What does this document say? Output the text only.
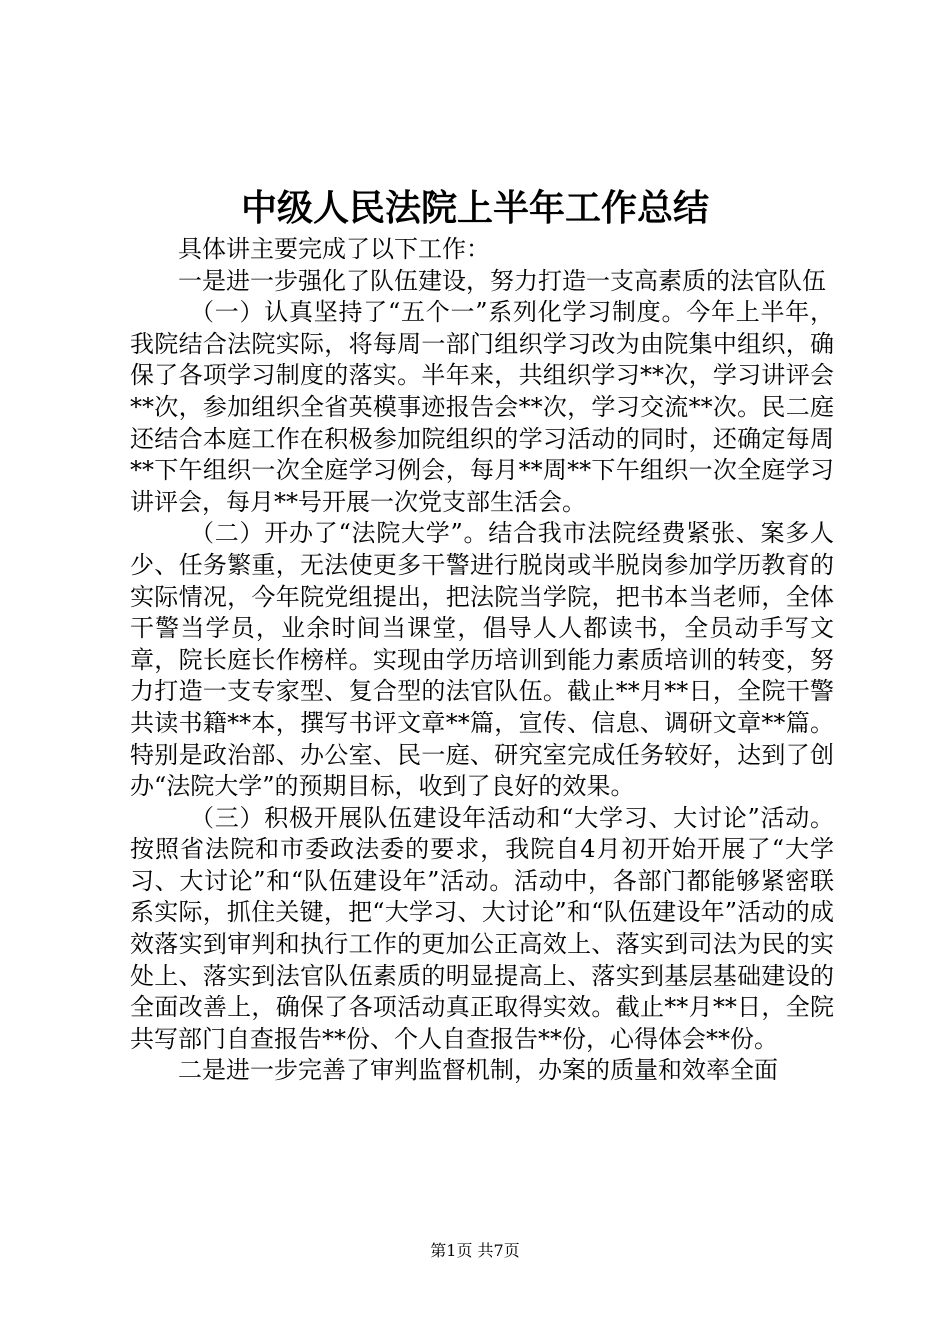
中级人民法院上半年工作总结

具体讲主要完成了以下工作：

一是进一步强化了队伍建设，努力打造一支高素质的法官队伍

（一）认真坚持了“五个一”系列化学习制度。今年上半年，我院结合法院实际，将每周一部门组织学习改为由院集中组织，确保了各项学习制度的落实。半年来，共组织学习**次，学习讲评会**次，参加组织全省英模事迹报告会**次，学习交流**次。民二庭还结合本庭工作在积极参加院组织的学习活动的同时，还确定每周**下午组织一次全庭学习例会，每月**周**下午组织一次全庭学习讲评会，每月**号开展一次党支部生活会。

（二）开办了“法院大学”。结合我市法院经费紧张、案多人少、任务繁重，无法使更多干警进行脱岗或半脱岗参加学历教育的实际情况，今年院党组提出，把法院当学院，把书本当老师，全体干警当学员，业余时间当课堂，倡导人人都读书，全员动手写文章，院长庭长作榜样。实现由学历培训到能力素质培训的转变，努力打造一支专家型、复合型的法官队伍。截止**月**日，全院干警共读书籍**本，撰写书评文章**篇，宣传、信息、调研文章**篇。特别是政治部、办公室、民一庭、研究室完成任务较好，达到了创办“法院大学”的预期目标，收到了良好的效果。

（三）积极开展队伍建设年活动和“大学习、大讨论”活动。按照省法院和市委政法委的要求，我院自4月初开始开展了“大学习、大讨论”和“队伍建设年”活动。活动中，各部门都能够紧密联系实际，抓住关键，把“大学习、大讨论”和“队伍建设年”活动的成效落实到审判和执行工作的更加公正高效上、落实到司法为民的实处上、落实到法官队伍素质的明显提高上、落实到基层基础建设的全面改善上，确保了各项活动真正取得实效。截止**月**日，全院共写部门自查报告**份、个人自查报告**份，心得体会**份。

二是进一步完善了审判监督机制，办案的质量和效率全面

第1页 共7页
